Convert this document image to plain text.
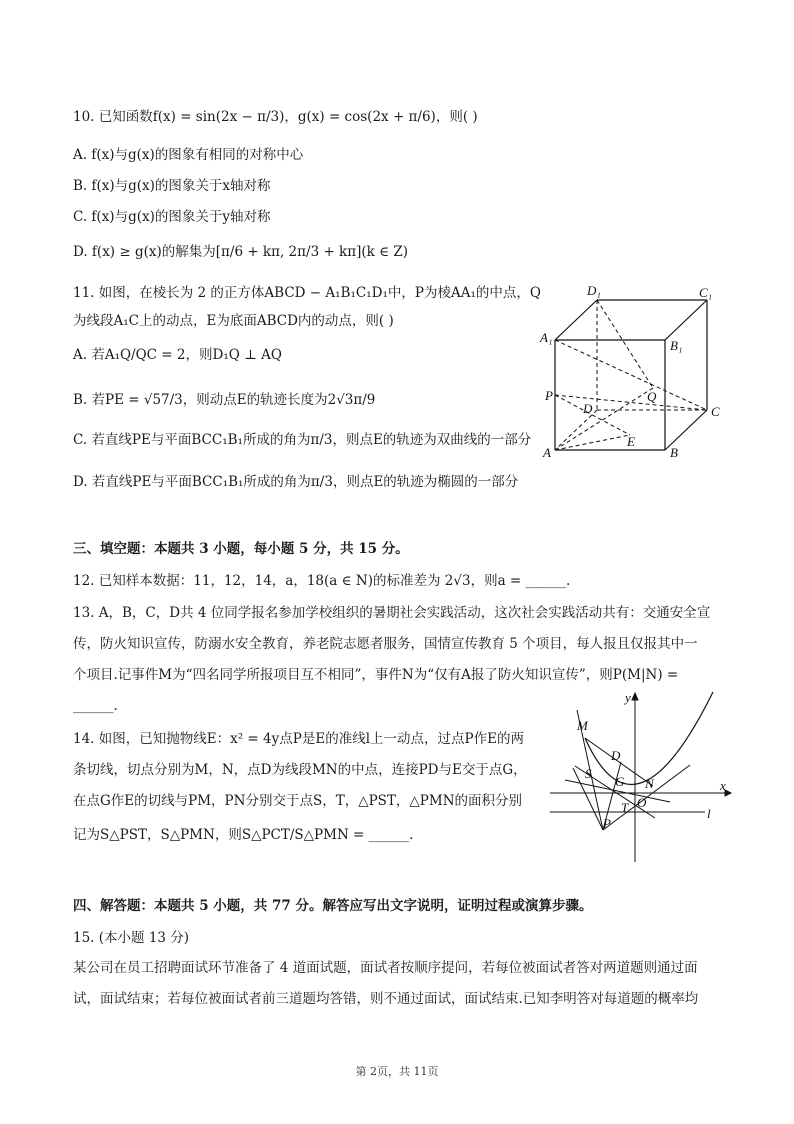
10. 已知函数f(x) = sin(2x − π/3)，g(x) = cos(2x + π/6)，则( )
A. f(x)与g(x)的图象有相同的对称中心
B. f(x)与g(x)的图象关于x轴对称
C. f(x)与g(x)的图象关于y轴对称
D. f(x) ≥ g(x)的解集为[π/6 + kπ, 2π/3 + kπ](k ∈ Z)
11. 如图，在棱长为 2 的正方体ABCD − A₁B₁C₁D₁中，P为棱AA₁的中点，Q
为线段A₁C上的动点，E为底面ABCD内的动点，则( )
A. 若A₁Q/QC = 2，则D₁Q ⊥ AQ
B. 若PE = √57/3，则动点E的轨迹长度为2√3π/9
C. 若直线PE与平面BCC₁B₁所成的角为π/3，则点E的轨迹为双曲线的一部分
D. 若直线PE与平面BCC₁B₁所成的角为π/3，则点E的轨迹为椭圆的一部分
D₁	C₁
A₁
B₁
Q
P
D	C
E
A	B
三、填空题：本题共 3 小题，每小题 5 分，共 15 分。
12. 已知样本数据：11，12，14，a，18(a ∈ N)的标准差为 2√3，则a = ______.
13. A，B，C，D共 4 位同学报名参加学校组织的暑期社会实践活动，这次社会实践活动共有：交通安全宣
传，防火知识宣传，防溺水安全教育，养老院志愿者服务，国情宣传教育 5 个项目，每人报且仅报其中一
个项目.记事件M为“四名同学所报项目互不相同”，事件N为“仅有A报了防火知识宣传”，则P(M|N) =
______.
14. 如图，已知抛物线E：x² = 4y点P是E的准线l上一动点，过点P作E的两
条切线，切点分别为M，N，点D为线段MN的中点，连接PD与E交于点G，
在点G作E的切线与PM，PN分别交于点S，T，△PST，△PMN的面积分别
记为S△PST，S△PMN，则S△PCT/S△PMN = ______.
y
M
D
S
G N	x
T O
l
P
四、解答题：本题共 5 小题，共 77 分。解答应写出文字说明，证明过程或演算步骤。
15. (本小题 13 分)
某公司在员工招聘面试环节准备了 4 道面试题，面试者按顺序提问，若每位被面试者答对两道题则通过面
试，面试结束；若每位被面试者前三道题均答错，则不通过面试，面试结束.已知李明答对每道题的概率均
第 2页，共 11页
